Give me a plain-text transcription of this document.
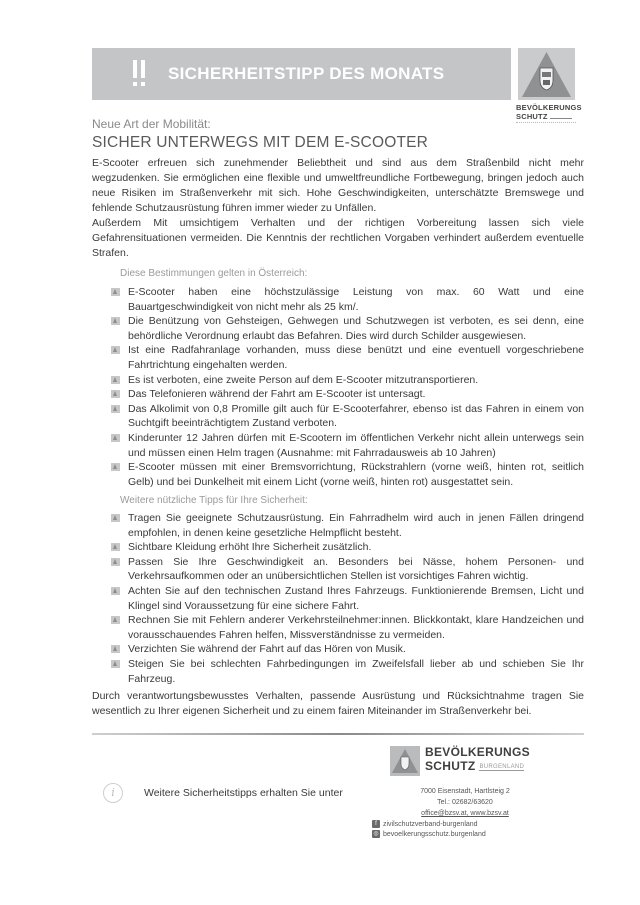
SICHERHEITSTIPP DES MONATS
BEVÖLKERUNGS
SCHUTZ
Neue Art der Mobilität:
SICHER UNTERWEGS MIT DEM E-SCOOTER

E-Scooter erfreuen sich zunehmender Beliebtheit und sind aus dem Straßenbild nicht mehr wegzudenken. Sie ermöglichen eine flexible und umweltfreundliche Fortbewegung, bringen jedoch auch neue Risiken im Straßenverkehr mit sich. Hohe Geschwindigkeiten, unterschätzte Bremswege und fehlende Schutzausrüstung führen immer wieder zu Unfällen.

Außerdem Mit umsichtigem Verhalten und der richtigen Vorbereitung lassen sich viele Gefahrensituationen vermeiden. Die Kenntnis der rechtlichen Vorgaben verhindert außerdem eventuelle Strafen.

Diese Bestimmungen gelten in Österreich:
E-Scooter haben eine höchstzulässige Leistung von max. 60 Watt und eine Bauartgeschwindigkeit von nicht mehr als 25 km/.
Die Benützung von Gehsteigen, Gehwegen und Schutzwegen ist verboten, es sei denn, eine behördliche Verordnung erlaubt das Befahren. Dies wird durch Schilder ausgewiesen.
Ist eine Radfahranlage vorhanden, muss diese benützt und eine eventuell vorgeschriebene Fahrtrichtung eingehalten werden.
Es ist verboten, eine zweite Person auf dem E-Scooter mitzutransportieren.
Das Telefonieren während der Fahrt am E-Scooter ist untersagt.
Das Alkolimit von 0,8 Promille gilt auch für E-Scooterfahrer, ebenso ist das Fahren in einem von Suchtgift beeinträchtigtem Zustand verboten.
Kinderunter 12 Jahren dürfen mit E-Scootern im öffentlichen Verkehr nicht allein unterwegs sein und müssen einen Helm tragen (Ausnahme: mit Fahrradausweis ab 10 Jahren)
E-Scooter müssen mit einer Bremsvorrichtung, Rückstrahlern (vorne weiß, hinten rot, seitlich Gelb) und bei Dunkelheit mit einem Licht (vorne weiß, hinten rot) ausgestattet sein.
Weitere nützliche Tipps für Ihre Sicherheit:
Tragen Sie geeignete Schutzausrüstung. Ein Fahrradhelm wird auch in jenen Fällen dringend empfohlen, in denen keine gesetzliche Helmpflicht besteht.
Sichtbare Kleidung erhöht Ihre Sicherheit zusätzlich.
Passen Sie Ihre Geschwindigkeit an. Besonders bei Nässe, hohem Personen- und Verkehrsaufkommen oder an unübersichtlichen Stellen ist vorsichtiges Fahren wichtig.
Achten Sie auf den technischen Zustand Ihres Fahrzeugs. Funktionierende Bremsen, Licht und Klingel sind Voraussetzung für eine sichere Fahrt.
Rechnen Sie mit Fehlern anderer Verkehrsteilnehmer:innen. Blickkontakt, klare Handzeichen und vorausschauendes Fahren helfen, Missverständnisse zu vermeiden.
Verzichten Sie während der Fahrt auf das Hören von Musik.
Steigen Sie bei schlechten Fahrbedingungen im Zweifelsfall lieber ab und schieben Sie Ihr Fahrzeug.
Durch verantwortungsbewusstes Verhalten, passende Ausrüstung und Rücksichtnahme tragen Sie wesentlich zu Ihrer eigenen Sicherheit und zu einem fairen Miteinander im Straßenverkehr bei.
i	Weitere Sicherheitstipps erhalten Sie unter
BEVÖLKERUNGS
SCHUTZ BURGENLAND
7000 Eisenstadt, Hartlsteig 2
Tel.: 02682/63620
office@bzsv.at, www.bzsv.at
f zivilschutzverband-burgenland
◎ bevoelkerungsschutz.burgenland
